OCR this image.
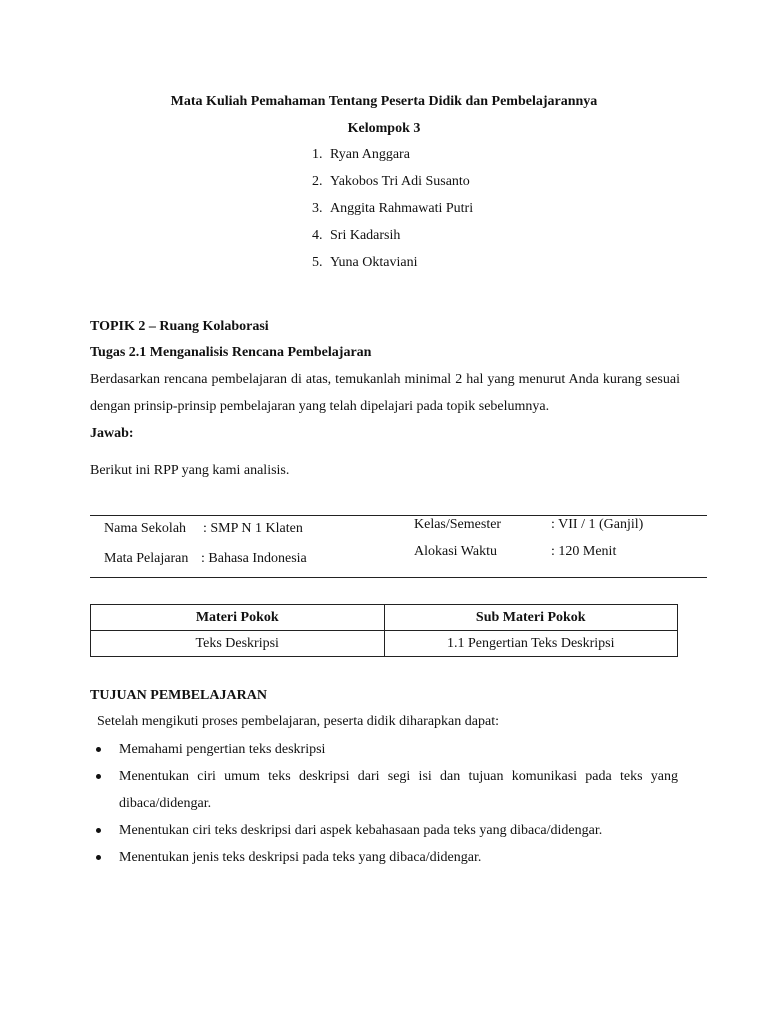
Mata Kuliah Pemahaman Tentang Peserta Didik dan Pembelajarannya
Kelompok 3
1. Ryan Anggara
2. Yakobos Tri Adi Susanto
3. Anggita Rahmawati Putri
4. Sri Kadarsih
5. Yuna Oktaviani
TOPIK 2 – Ruang Kolaborasi
Tugas 2.1 Menganalisis Rencana Pembelajaran
Berdasarkan rencana pembelajaran di atas, temukanlah minimal 2 hal yang menurut Anda kurang sesuai dengan prinsip-prinsip pembelajaran yang telah dipelajari pada topik sebelumnya.
Jawab:
Berikut ini RPP yang kami analisis.
Nama Sekolah : SMP N 1 Klaten
Mata Pelajaran : Bahasa Indonesia
Kelas/Semester	: VII / 1 (Ganjil)
Alokasi Waktu	: 120 Menit
Materi Pokok	Sub Materi Pokok
Teks Deskripsi	1.1 Pengertian Teks Deskripsi
TUJUAN PEMBELAJARAN
Setelah mengikuti proses pembelajaran, peserta didik diharapkan dapat:
Memahami pengertian teks deskripsi
Menentukan ciri umum teks deskripsi dari segi isi dan tujuan komunikasi pada teks yang dibaca/didengar.
Menentukan ciri teks deskripsi dari aspek kebahasaan pada teks yang dibaca/didengar.
Menentukan jenis teks deskripsi pada teks yang dibaca/didengar.
